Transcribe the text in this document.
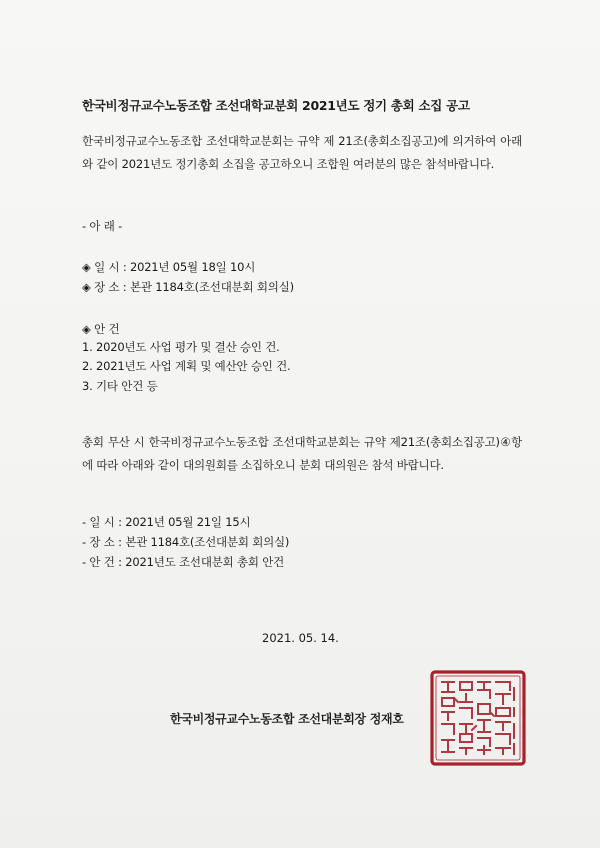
한국비정규교수노동조합 조선대학교분회 2021년도 정기 총회 소집 공고

한국비정규교수노동조합 조선대학교분회는 규약 제 21조(총회소집공고)에 의거하여 아래와 같이 2021년도 정기총회 소집을 공고하오니 조합원 여러분의 많은 참석바랍니다.

- 아 래 -
◈ 일 시 : 2021년 05월 18일 10시
◈ 장 소 : 본관 1184호(조선대분회 회의실)
◈ 안 건
1. 2020년도 사업 평가 및 결산 승인 건.
2. 2021년도 사업 계획 및 예산안 승인 건.
3. 기타 안건 등

총회 무산 시 한국비정규교수노동조합 조선대학교분회는 규약 제21조(총회소집공고)④항에 따라 아래와 같이 대의원회를 소집하오니 분회 대의원은 참석 바랍니다.

- 일 시 : 2021년 05월 21일 15시
- 장 소 : 본관 1184호(조선대분회 회의실)
- 안 건 : 2021년도 조선대분회 총회 안건
2021. 05. 14.
한국비정규교수노동조합 조선대분회장 정재호
